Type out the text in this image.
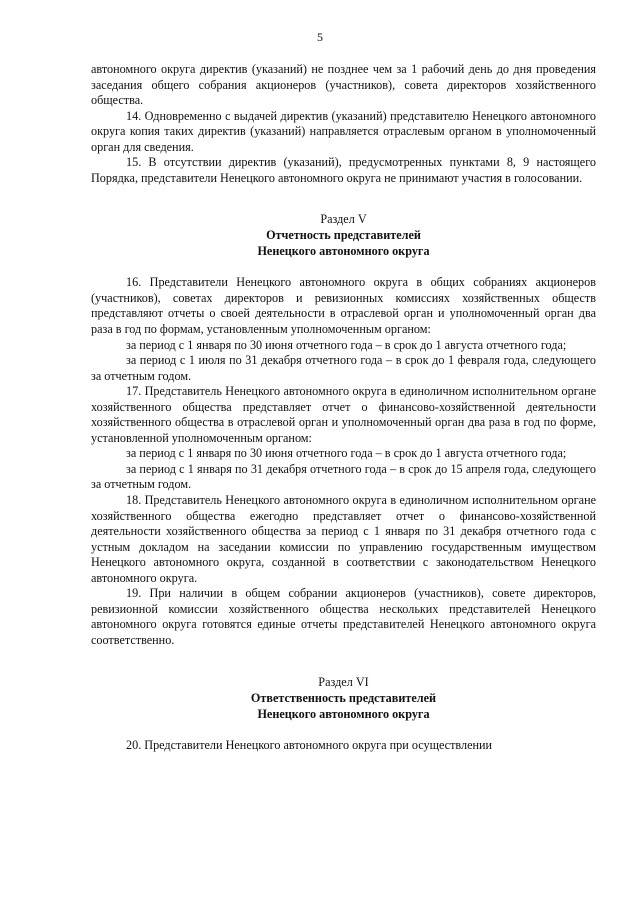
5

автономного округа директив (указаний) не позднее чем за 1 рабочий день до дня проведения заседания общего собрания акционеров (участников), совета директоров хозяйственного общества.

14. Одновременно с выдачей директив (указаний) представителю Ненецкого автономного округа копия таких директив (указаний) направляется отраслевым органом в уполномоченный орган для сведения.

15. В отсутствии директив (указаний), предусмотренных пунктами 8, 9 настоящего Порядка, представители Ненецкого автономного округа не принимают участия в голосовании.

Раздел V
Отчетность представителей
Ненецкого автономного округа

16. Представители Ненецкого автономного округа в общих собраниях акционеров (участников), советах директоров и ревизионных комиссиях хозяйственных обществ представляют отчеты о своей деятельности в отраслевой орган и уполномоченный орган два раза в год по формам, установленным уполномоченным органом:

за период с 1 января по 30 июня отчетного года – в срок до 1 августа отчетного года;

за период с 1 июля по 31 декабря отчетного года – в срок до 1 февраля года, следующего за отчетным годом.

17. Представитель Ненецкого автономного округа в единоличном исполнительном органе хозяйственного общества представляет отчет о финансово-хозяйственной деятельности хозяйственного общества в отраслевой орган и уполномоченный орган два раза в год по форме, установленной уполномоченным органом:

за период с 1 января по 30 июня отчетного года – в срок до 1 августа отчетного года;

за период с 1 января по 31 декабря отчетного года – в срок до 15 апреля года, следующего за отчетным годом.

18. Представитель Ненецкого автономного округа в единоличном исполнительном органе хозяйственного общества ежегодно представляет отчет о финансово-хозяйственной деятельности хозяйственного общества за период с 1 января по 31 декабря отчетного года с устным докладом на заседании комиссии по управлению государственным имуществом Ненецкого автономного округа, созданной в соответствии с законодательством Ненецкого автономного округа.

19. При наличии в общем собрании акционеров (участников), совете директоров, ревизионной комиссии хозяйственного общества нескольких представителей Ненецкого автономного округа готовятся единые отчеты представителей Ненецкого автономного округа соответственно.

Раздел VI
Ответственность представителей
Ненецкого автономного округа

20. Представители Ненецкого автономного округа при осуществлении
